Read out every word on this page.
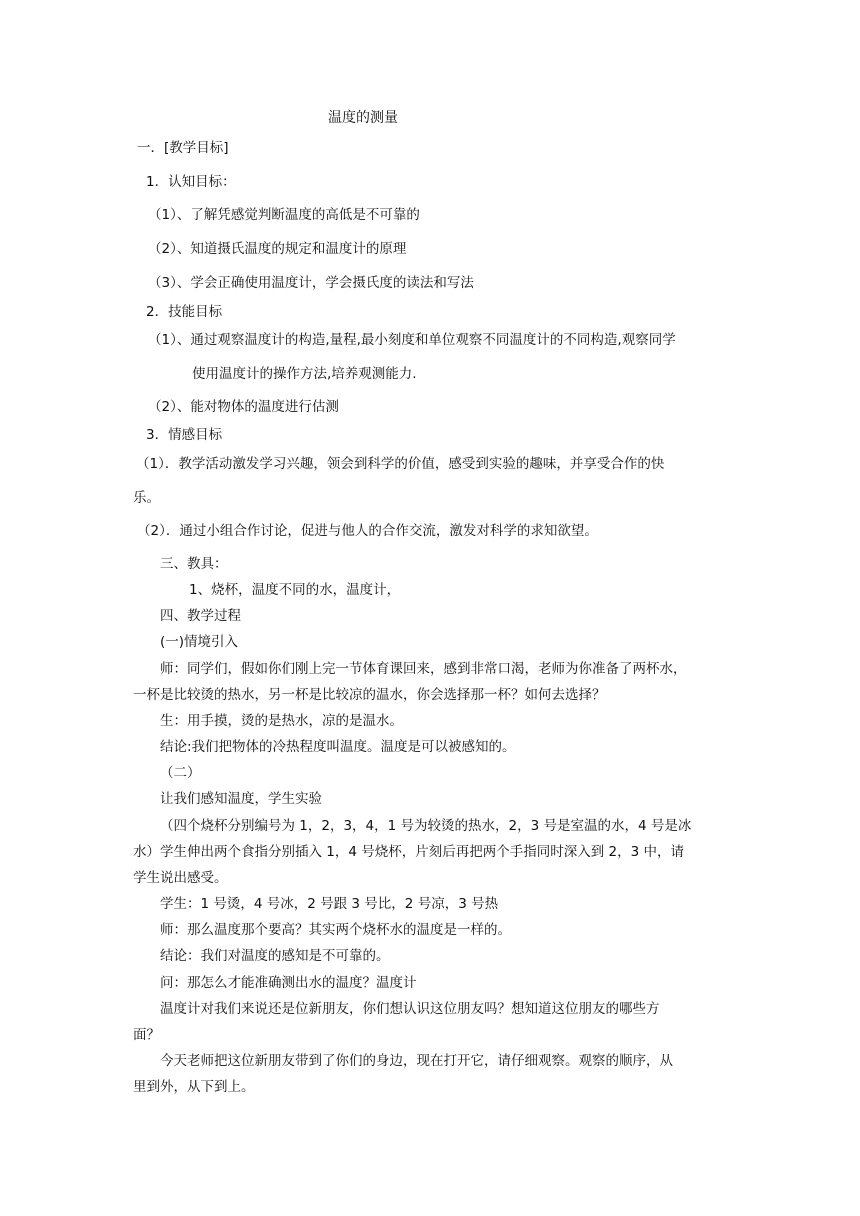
温度的测量
一．[教学目标]
1．认知目标：
（1）、了解凭感觉判断温度的高低是不可靠的
（2）、知道摄氏温度的规定和温度计的原理
（3）、学会正确使用温度计，学会摄氏度的读法和写法
2．技能目标
（1）、通过观察温度计的构造,量程,最小刻度和单位观察不同温度计的不同构造,观察同学
使用温度计的操作方法,培养观测能力.
（2）、能对物体的温度进行估测
3．情感目标
（1）．教学活动激发学习兴趣，领会到科学的价值，感受到实验的趣味，并享受合作的快
乐。
（2）．通过小组合作讨论，促进与他人的合作交流，激发对科学的求知欲望。
三、教具：
1、烧杯，温度不同的水，温度计，
四、教学过程
(一)情境引入
师：同学们，假如你们刚上完一节体育课回来，感到非常口渴，老师为你准备了两杯水，
一杯是比较烫的热水，另一杯是比较凉的温水，你会选择那一杯？如何去选择？
生：用手摸，烫的是热水，凉的是温水。
结论:我们把物体的冷热程度叫温度。温度是可以被感知的。
（二）
让我们感知温度，学生实验
（四个烧杯分别编号为 1，2，3，4，1 号为较烫的热水，2，3 号是室温的水，4 号是冰
水）学生伸出两个食指分别插入 1，4 号烧杯，片刻后再把两个手指同时深入到 2，3 中，请
学生说出感受。
学生：1 号烫，4 号冰，2 号跟 3 号比，2 号凉，3 号热
师：那么温度那个要高？其实两个烧杯水的温度是一样的。
结论：我们对温度的感知是不可靠的。
问：那怎么才能准确测出水的温度？温度计
温度计对我们来说还是位新朋友，你们想认识这位朋友吗？想知道这位朋友的哪些方
面？
今天老师把这位新朋友带到了你们的身边，现在打开它，请仔细观察。观察的顺序，从
里到外，从下到上。
